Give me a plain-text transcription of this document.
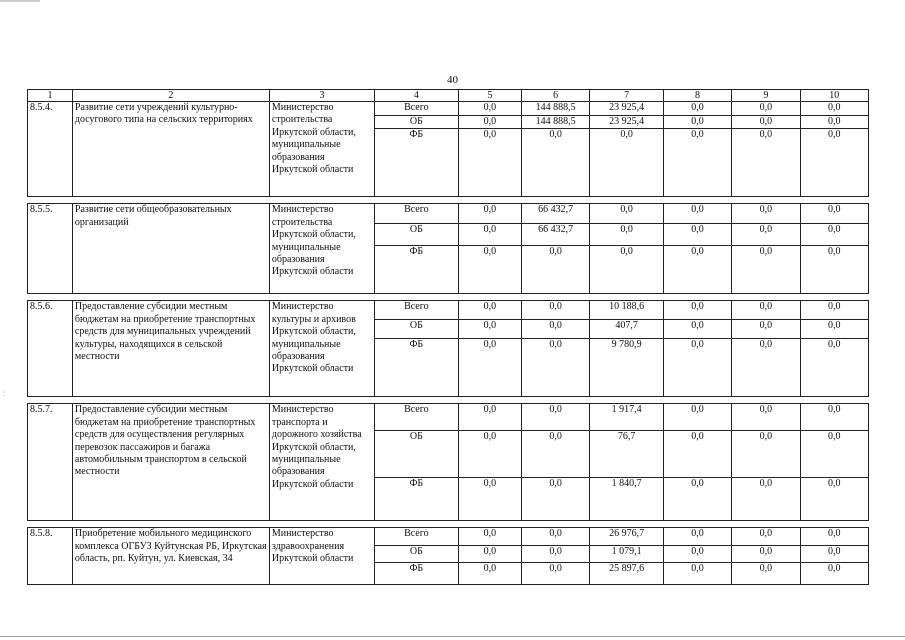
:
40
1	2	3	4	5	6	7	8	9	10
8.5.4.	Развитие сети учреждений культурно-досугового типа на сельских территориях	Министерство строительства Иркутской области, муниципальные образования Иркутской области	Всего	0,0	144 888,5	23 925,4	0,0	0,0	0,0
			ОБ	0,0	144 888,5	23 925,4	0,0	0,0	0,0
			ФБ	0,0	0,0	0,0	0,0	0,0	0,0

8.5.5.	Развитие сети общеобразовательных организаций	Министерство строительства Иркутской области, муниципальные образования Иркутской области	Всего	0,0	66 432,7	0,0	0,0	0,0	0,0
			ОБ	0,0	66 432,7	0,0	0,0	0,0	0,0
			ФБ	0,0	0,0	0,0	0,0	0,0	0,0

8.5.6.	Предоставление субсидии местным бюджетам на приобретение транспортных средств для муниципальных учреждений культуры, находящихся в сельской местности	Министерство культуры и архивов Иркутской области, муниципальные образования Иркутской области	Всего	0,0	0,0	10 188,6	0,0	0,0	0,0
			ОБ	0,0	0,0	407,7	0,0	0,0	0,0
			ФБ	0,0	0,0	9 780,9	0,0	0,0	0,0

8.5.7.	Предоставление субсидии местным бюджетам на приобретение транспортных средств для осуществления регулярных перевозок пассажиров и багажа автомобильным транспортом в сельской местности	Министерство транспорта и дорожного хозяйства Иркутской области, муниципальные образования Иркутской области	Всего	0,0	0,0	1 917,4	0,0	0,0	0,0
			ОБ	0,0	0,0	76,7	0,0	0,0	0,0
			ФБ	0,0	0,0	1 840,7	0,0	0,0	0,0

8.5.8.	Приобретение мобильного медицинского комплекса ОГБУЗ Куйтунская РБ, Иркутская область, рп. Куйтун, ул. Киевская, 34	Министерство здравоохранения Иркутской области	Всего	0,0	0,0	26 976,7	0,0	0,0	0,0
			ОБ	0,0	0,0	1 079,1	0,0	0,0	0,0
			ФБ	0,0	0,0	25 897,6	0,0	0,0	0,0
